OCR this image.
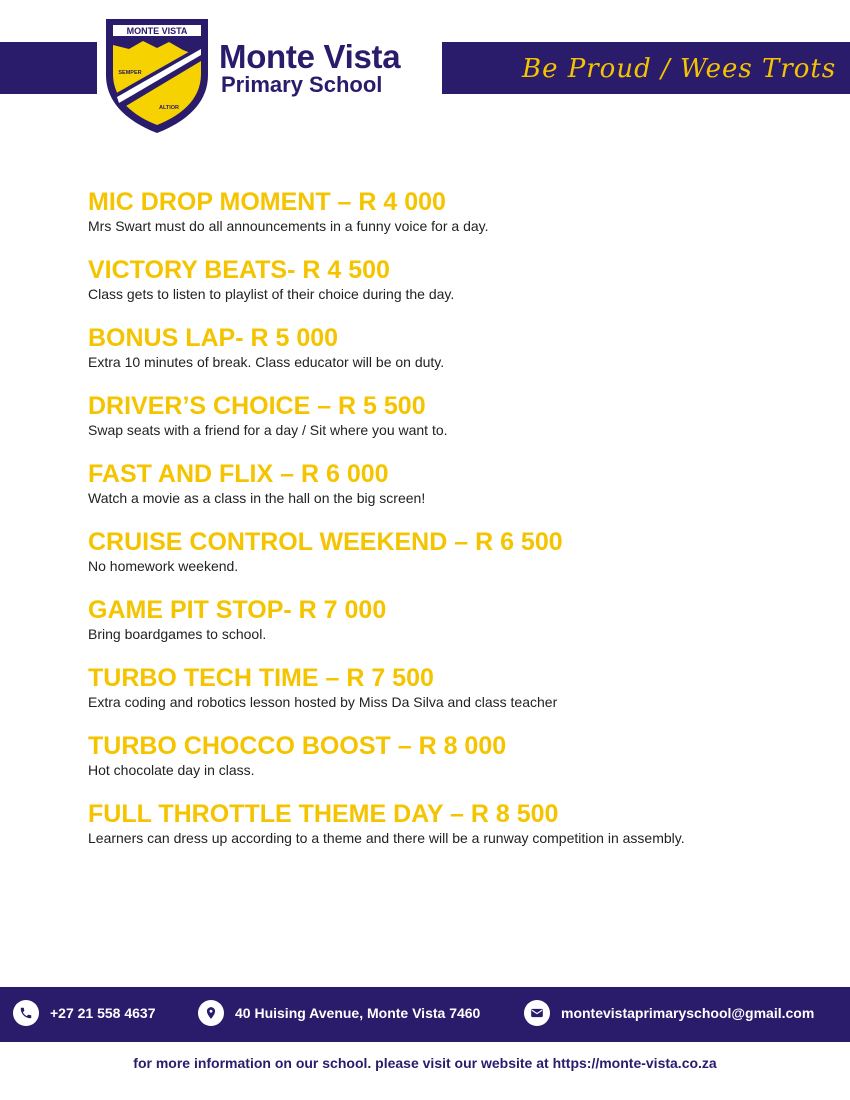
MONTE VISTA
SEMPER
ALTIOR
Monte Vista
Primary School
Be Proud / Wees Trots
MIC DROP MOMENT – R 4 000
Mrs Swart must do all announcements in a funny voice for a day.
VICTORY BEATS- R 4 500
Class gets to listen to playlist of their choice during the day.
BONUS LAP- R 5 000
Extra 10 minutes of break. Class educator will be on duty.
DRIVER’S CHOICE – R 5 500
Swap seats with a friend for a day / Sit where you want to.
FAST AND FLIX – R 6 000
Watch a movie as a class in the hall on the big screen!
CRUISE CONTROL WEEKEND – R 6 500
No homework weekend.
GAME PIT STOP- R 7 000
Bring boardgames to school.
TURBO TECH TIME – R 7 500
Extra coding and robotics lesson hosted by Miss Da Silva and class teacher
TURBO CHOCCO BOOST – R 8 000
Hot chocolate day in class.
FULL THROTTLE THEME DAY – R 8 500
Learners can dress up according to a theme and there will be a runway competition in assembly.
+27 21 558 4637	40 Huising Avenue, Monte Vista 7460	montevistaprimaryschool@gmail.com
for more information on our school. please visit our website at https://monte-vista.co.za
